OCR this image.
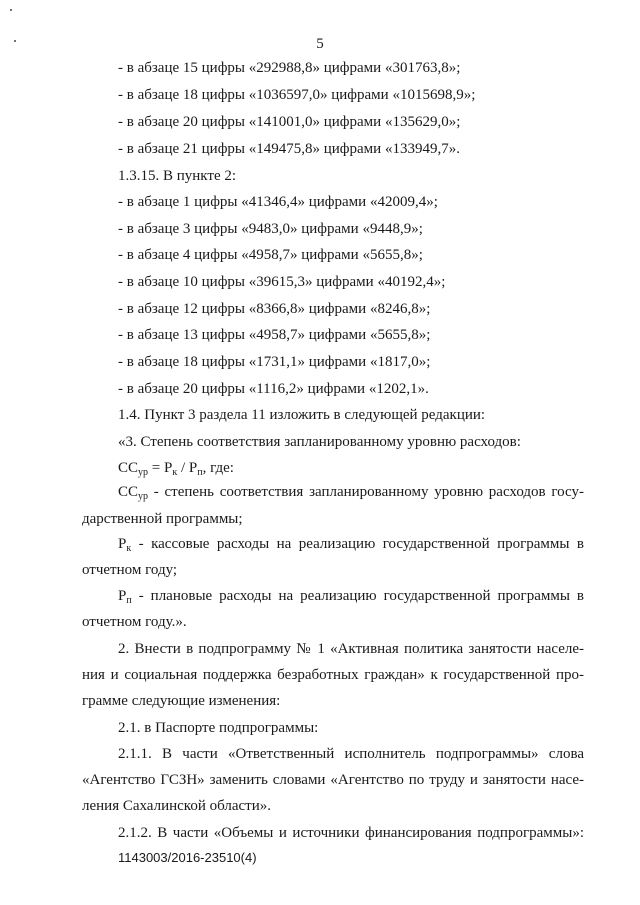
5
- в абзаце 15 цифры «292988,8» цифрами «301763,8»;
- в абзаце 18 цифры «1036597,0» цифрами «1015698,9»;
- в абзаце 20 цифры «141001,0» цифрами «135629,0»;
- в абзаце 21 цифры «149475,8» цифрами «133949,7».
1.3.15. В пункте 2:
- в абзаце 1 цифры «41346,4» цифрами «42009,4»;
- в абзаце 3 цифры «9483,0» цифрами «9448,9»;
- в абзаце 4 цифры «4958,7» цифрами «5655,8»;
- в абзаце 10 цифры «39615,3» цифрами «40192,4»;
- в абзаце 12 цифры «8366,8» цифрами «8246,8»;
- в абзаце 13 цифры «4958,7» цифрами «5655,8»;
- в абзаце 18 цифры «1731,1» цифрами «1817,0»;
- в абзаце 20 цифры «1116,2» цифрами «1202,1».
1.4. Пункт 3 раздела 11 изложить в следующей редакции:
«3. Степень соответствия запланированному уровню расходов:
$СС_{ур} = Р_к / Р_п$, где:
$СС_{ур}$ - степень соответствия запланированному уровню расходов госу-
дарственной программы;
$Р_к$ - кассовые расходы на реализацию государственной программы в
отчетном году;
$Р_п$ - плановые расходы на реализацию государственной программы в
отчетном году.».
2. Внести в подпрограмму № 1 «Активная политика занятости населе-
ния и социальная поддержка безработных граждан» к государственной про-
грамме следующие изменения:
2.1. в Паспорте подпрограммы:
2.1.1. В части «Ответственный исполнитель подпрограммы» слова
«Агентство ГСЗН» заменить словами «Агентство по труду и занятости насе-
ления Сахалинской области».
2.1.2. В части «Объемы и источники финансирования подпрограммы»:
1143003/2016-23510(4)
